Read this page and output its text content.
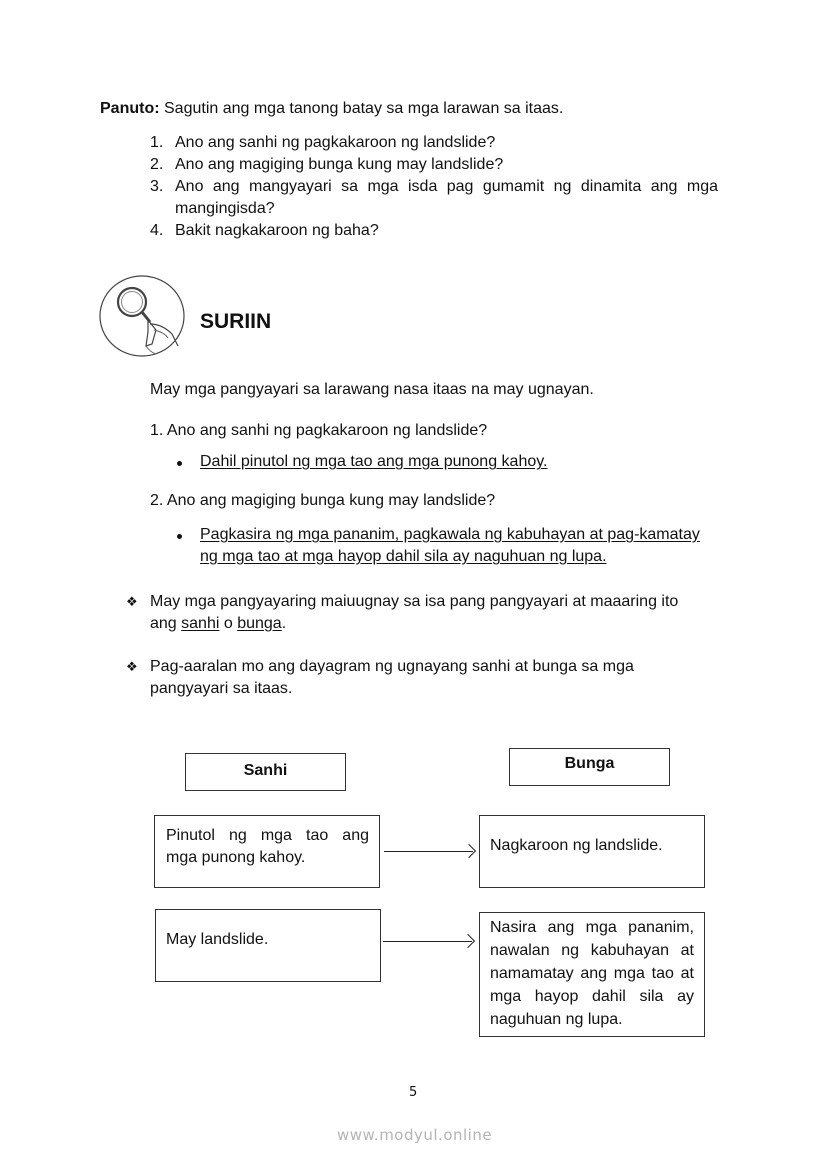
Panuto: Sagutin ang mga tanong batay sa mga larawan sa itaas.
1. Ano ang sanhi ng pagkakaroon ng landslide?
2. Ano ang magiging bunga kung may landslide?
3. Ano ang mangyayari sa mga isda pag gumamit ng dinamita ang mga
mangingisda?
4. Bakit nagkakaroon ng baha?
SURIIN
May mga pangyayari sa larawang nasa itaas na may ugnayan.
1. Ano ang sanhi ng pagkakaroon ng landslide?
Dahil pinutol ng mga tao ang mga punong kahoy.
2. Ano ang magiging bunga kung may landslide?
Pagkasira ng mga pananim, pagkawala ng kabuhayan at pag-kamatay
ng mga tao at mga hayop dahil sila ay naguhuan ng lupa.
❖ May mga pangyayaring maiuugnay sa isa pang pangyayari at maaaring ito
ang sanhi o bunga.
❖ Pag-aaralan mo ang dayagram ng ugnayang sanhi at bunga sa mga
pangyayari sa itaas.
Sanhi	Bunga
Pinutol ng mga tao ang
mga punong kahoy.
Nagkaroon ng landslide.
May landslide.
Nasira ang mga pananim,
nawalan ng kabuhayan at
namamatay ang mga tao at
mga hayop dahil sila ay
naguhuan ng lupa.
5
www.modyul.online
